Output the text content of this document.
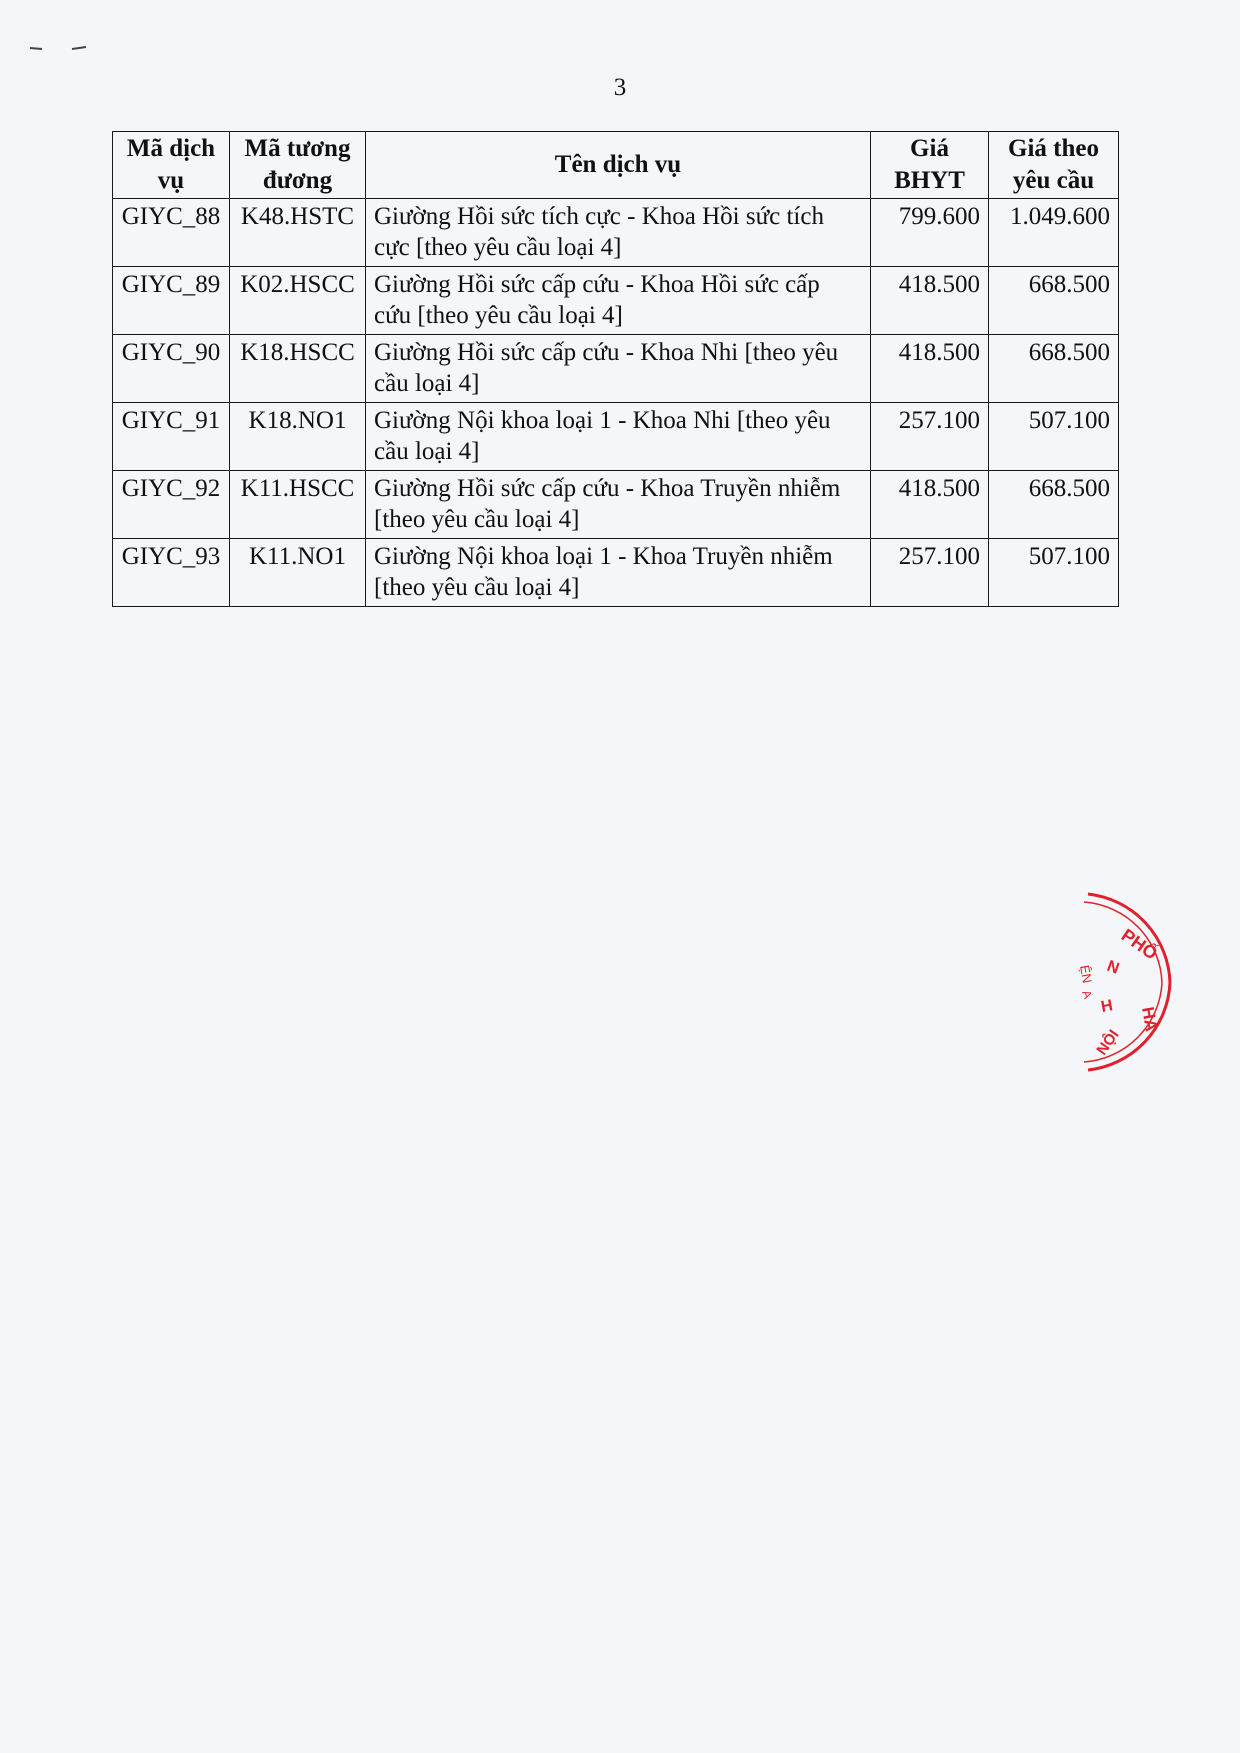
3
Mã dịch vụ	Mã tương đương	Tên dịch vụ	Giá BHYT	Giá theo yêu cầu
GIYC_88	K48.HSTC	Giường Hồi sức tích cực - Khoa Hồi sức tích cực [theo yêu cầu loại 4]	799.600	1.049.600
GIYC_89	K02.HSCC	Giường Hồi sức cấp cứu - Khoa Hồi sức cấp cứu [theo yêu cầu loại 4]	418.500	668.500
GIYC_90	K18.HSCC	Giường Hồi sức cấp cứu - Khoa Nhi [theo yêu cầu loại 4]	418.500	668.500
GIYC_91	K18.NO1	Giường Nội khoa loại 1 - Khoa Nhi [theo yêu cầu loại 4]	257.100	507.100
GIYC_92	K11.HSCC	Giường Hồi sức cấp cứu - Khoa Truyền nhiễm [theo yêu cầu loại 4]	418.500	668.500
GIYC_93	K11.NO1	Giường Nội khoa loại 1 - Khoa Truyền nhiễm [theo yêu cầu loại 4]	257.100	507.100
PHỐ
HÀ
NỘI
N
H
ỆN
A
